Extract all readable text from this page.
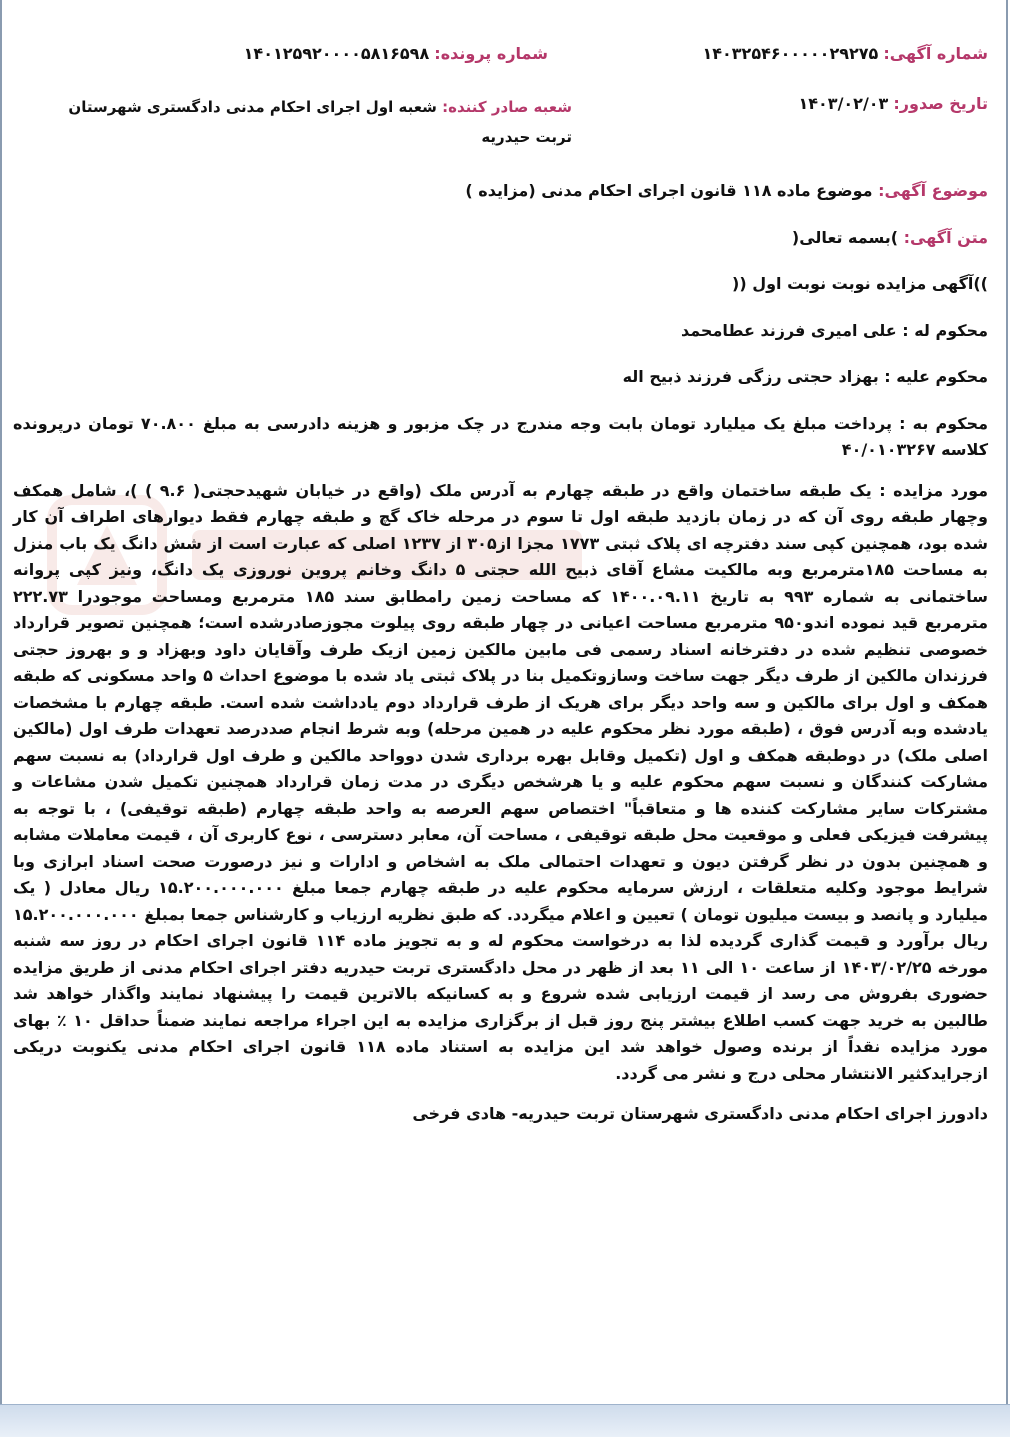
شماره آگهی: ۱۴۰۳۲۵۴۶۰۰۰۰۰۲۹۲۷۵
شماره پرونده: ۱۴۰۱۲۵۹۲۰۰۰۰۵۸۱۶۵۹۸
تاریخ صدور: ۱۴۰۳/۰۲/۰۳
شعبه صادر کننده: شعبه اول اجرای احکام مدنی دادگستری شهرستان تربت حیدریه

موضوع آگهی: موضوع ماده ۱۱۸ قانون اجرای احکام مدنی (مزایده )

متن آگهی: )بسمه تعالی(

))آگهی مزایده نوبت نوبت اول ((

محکوم له : علی امیری فرزند عطامحمد

محکوم علیه : بهزاد حجتی رزگی فرزند ذبیح اله

محکوم به : پرداخت مبلغ یک میلیارد تومان بابت وجه مندرج در چک مزبور و هزینه دادرسی به مبلغ ۷۰.۸۰۰ تومان درپرونده کلاسه ۴۰/۰۱۰۳۲۶۷

مورد مزایده : یک طبقه ساختمان واقع در طبقه چهارم به آدرس ملک (واقع در خیابان شهیدحجتی( ۹.۶ ) )، شامل همکف وچهار طبقه روی آن که در زمان بازدید طبقه اول تا سوم در مرحله خاک گچ و طبقه چهارم فقط دیوارهای اطراف آن کار شده بود، همچنین کپی سند دفترچه ای پلاک ثبتی ۱۷۷۳ مجزا از۳۰۵ از ۱۲۳۷ اصلی که عبارت است از شش دانگ یک باب منزل به مساحت ۱۸۵مترمربع وبه مالکیت مشاع آقای ذبیح الله حجتی ۵ دانگ وخانم پروین نوروزی یک دانگ، ونیز کپی پروانه ساختمانی به شماره ۹۹۳ به تاریخ ۱۴۰۰.۰۹.۱۱ که مساحت زمین رامطابق سند ۱۸۵ مترمربع ومساحت موجودرا ۲۲۲.۷۳ مترمربع قید نموده اندو۹۵۰ مترمربع مساحت اعیانی در چهار طبقه روی پیلوت مجوزصادرشده است؛ همچنین تصویر قرارداد خصوصی تنظیم شده در دفترخانه اسناد رسمی فی مابین مالکین زمین ازیک طرف وآقایان داود وبهزاد و و بهروز حجتی فرزندان مالکین از طرف دیگر جهت ساخت وسازوتکمیل بنا در پلاک ثبتی یاد شده با موضوع احداث ۵ واحد مسکونی که طبقه همکف و اول برای مالکین و سه واحد دیگر برای هریک از طرف قرارداد دوم یادداشت شده است. طبقه چهارم با مشخصات یادشده وبه آدرس فوق ، (طبقه مورد نظر محکوم علیه در همین مرحله) وبه شرط انجام صددرصد تعهدات طرف اول (مالکین اصلی ملک) در دوطبقه همکف و اول (تکمیل وقابل بهره برداری شدن دوواحد مالکین و طرف اول قرارداد) به نسبت سهم مشارکت کنندگان و نسبت سهم محکوم علیه و یا هرشخص دیگری در مدت زمان قرارداد همچنین تکمیل شدن مشاعات و مشترکات سایر مشارکت کننده ها و متعاقباً" اختصاص سهم العرصه به واحد طبقه چهارم (طبقه توقیفی) ، با توجه به پیشرفت فیزیکی فعلی و موقعیت محل طبقه توقیفی ، مساحت آن، معابر دسترسی ، نوع کاربری آن ، قیمت معاملات مشابه و همچنین بدون در نظر گرفتن دیون و تعهدات احتمالی ملک به اشخاص و ادارات و نیز درصورت صحت اسناد ابرازی وبا شرایط موجود وکلیه متعلقات ، ارزش سرمایه محکوم علیه در طبقه چهارم جمعا مبلغ ۱۵.۲۰۰.۰۰۰.۰۰۰ ریال معادل ( یک میلیارد و پانصد و بیست میلیون تومان ) تعیین و اعلام میگردد. که طبق نظریه ارزیاب و کارشناس جمعا بمبلغ ۱۵.۲۰۰.۰۰۰.۰۰۰ ریال برآورد و قیمت گذاری گردیده لذا به درخواست محکوم له و به تجویز ماده ۱۱۴ قانون اجرای احکام در روز سه شنبه مورخه ۱۴۰۳/۰۲/۲۵ از ساعت ۱۰ الی ۱۱ بعد از ظهر در محل دادگستری تربت حیدریه دفتر اجرای احکام مدنی از طریق مزایده حضوری بفروش می رسد از قیمت ارزیابی شده شروع و به کسانیکه بالاترین قیمت را پیشنهاد نمایند واگذار خواهد شد طالبین به خرید جهت کسب اطلاع بیشتر پنج روز قبل از برگزاری مزایده به این اجراء مراجعه نمایند ضمناً حداقل ۱۰ ٪ بهای مورد مزایده نقداً از برنده وصول خواهد شد این مزایده به استناد ماده ۱۱۸ قانون اجرای احکام مدنی یکنوبت دریکی ازجرایدکثیر الانتشار محلی درج و نشر می گردد.

دادورز اجرای احکام مدنی دادگستری شهرستان تربت حیدریه- هادی فرخی
